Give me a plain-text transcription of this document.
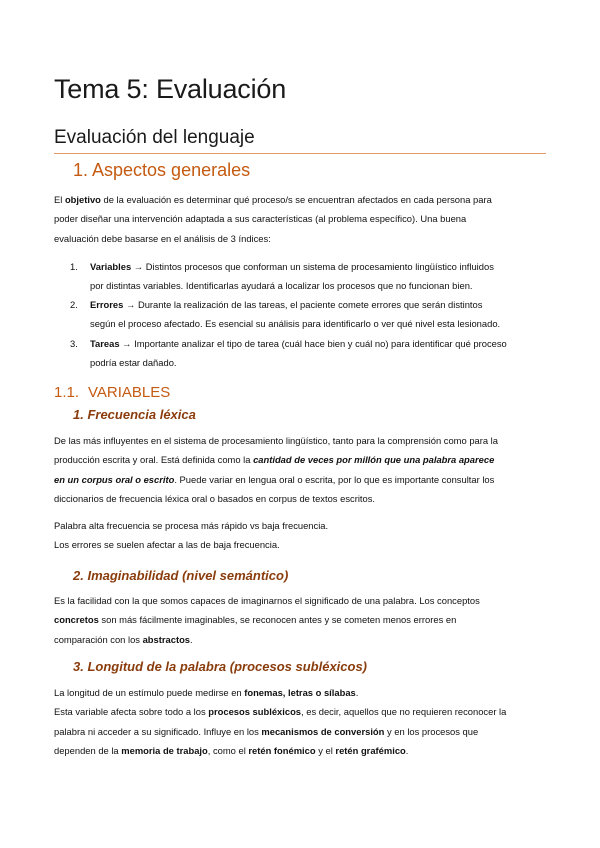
Tema 5: Evaluación
Evaluación del lenguaje
1. Aspectos generales
El objetivo de la evaluación es determinar qué proceso/s se encuentran afectados en cada persona para
poder diseñar una intervención adaptada a sus características (al problema específico). Una buena
evaluación debe basarse en el análisis de 3 índices:
1. Variables → Distintos procesos que conforman un sistema de procesamiento lingüístico influidos
por distintas variables. Identificarlas ayudará a localizar los procesos que no funcionan bien.
2. Errores → Durante la realización de las tareas, el paciente comete errores que serán distintos
según el proceso afectado. Es esencial su análisis para identificarlo o ver qué nivel esta lesionado.
3. Tareas → Importante analizar el tipo de tarea (cuál hace bien y cuál no) para identificar qué proceso
podría estar dañado.
1.1. VARIABLES
1. Frecuencia léxica
De las más influyentes en el sistema de procesamiento lingüístico, tanto para la comprensión como para la
producción escrita y oral. Está definida como la cantidad de veces por millón que una palabra aparece
en un corpus oral o escrito. Puede variar en lengua oral o escrita, por lo que es importante consultar los
diccionarios de frecuencia léxica oral o basados en corpus de textos escritos.
Palabra alta frecuencia se procesa más rápido vs baja frecuencia.
Los errores se suelen afectar a las de baja frecuencia.
2. Imaginabilidad (nivel semántico)
Es la facilidad con la que somos capaces de imaginarnos el significado de una palabra. Los conceptos
concretos son más fácilmente imaginables, se reconocen antes y se cometen menos errores en
comparación con los abstractos.
3. Longitud de la palabra (procesos subléxicos)
La longitud de un estímulo puede medirse en fonemas, letras o sílabas.
Esta variable afecta sobre todo a los procesos subléxicos, es decir, aquellos que no requieren reconocer la
palabra ni acceder a su significado. Influye en los mecanismos de conversión y en los procesos que
dependen de la memoria de trabajo, como el retén fonémico y el retén grafémico.
